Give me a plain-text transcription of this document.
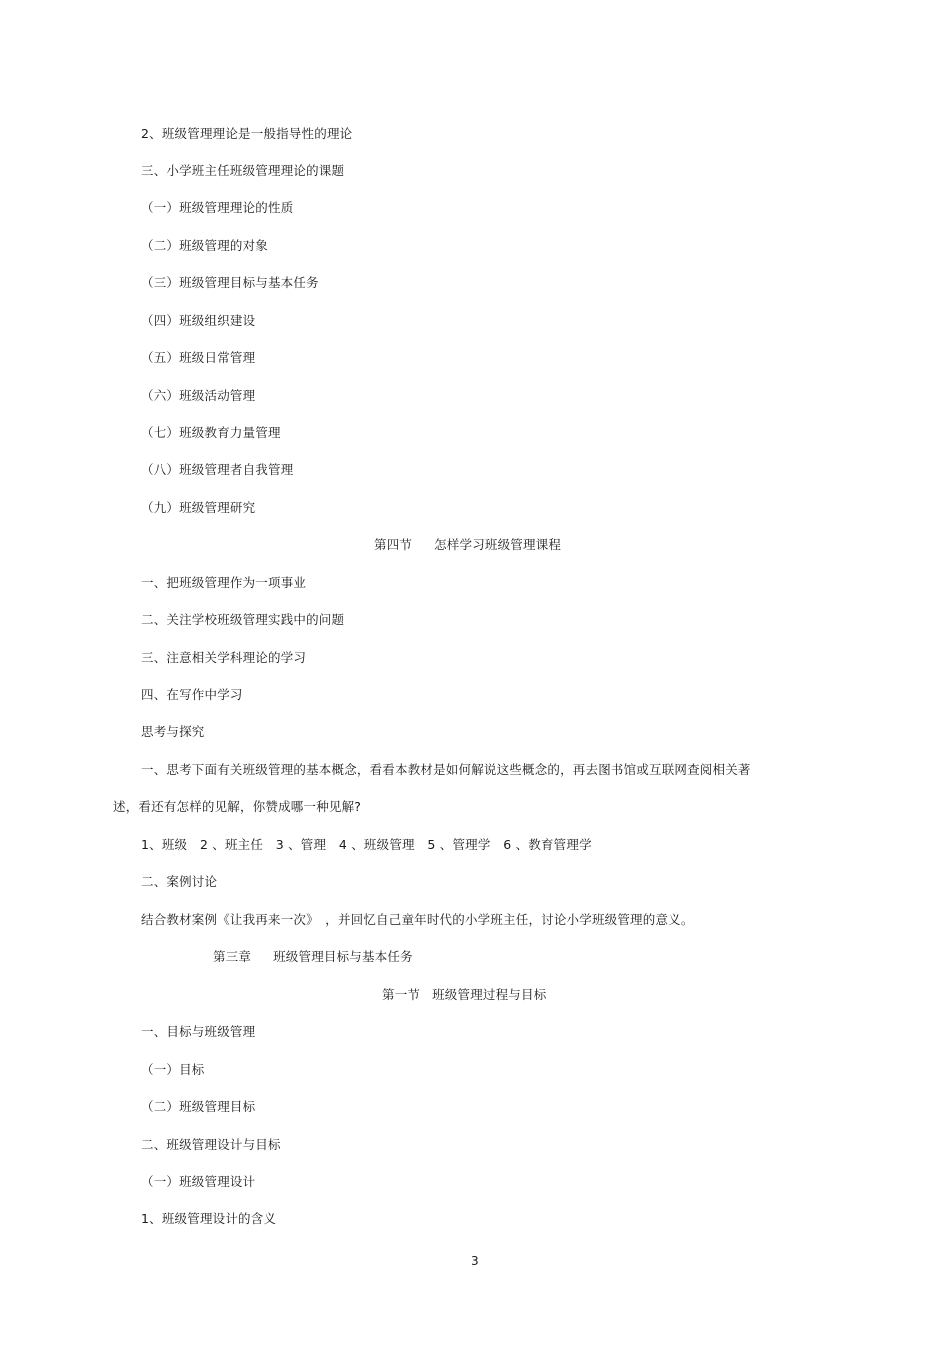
2、班级管理理论是一般指导性的理论
三、小学班主任班级管理理论的课题
（一）班级管理理论的性质
（二）班级管理的对象
（三）班级管理目标与基本任务
（四）班级组织建设
（五）班级日常管理
（六）班级活动管理
（七）班级教育力量管理
（八）班级管理者自我管理
（九）班级管理研究
第四节 怎样学习班级管理课程
一、把班级管理作为一项事业
二、关注学校班级管理实践中的问题
三、注意相关学科理论的学习
四、在写作中学习
思考与探究
一、思考下面有关班级管理的基本概念，看看本教材是如何解说这些概念的，再去图书馆或互联网查阅相关著
述，看还有怎样的见解，你赞成哪一种见解?
1、班级　2 、班主任　3 、管理　4 、班级管理　5 、管理学　6 、教育管理学
二、案例讨论
结合教材案例《让我再来一次》　，并回忆自己童年时代的小学班主任，讨论小学班级管理的意义。
第三章 班级管理目标与基本任务
第一节 班级管理过程与目标
一、目标与班级管理
（一）目标
（二）班级管理目标
二、班级管理设计与目标
（一）班级管理设计
1、班级管理设计的含义
3
